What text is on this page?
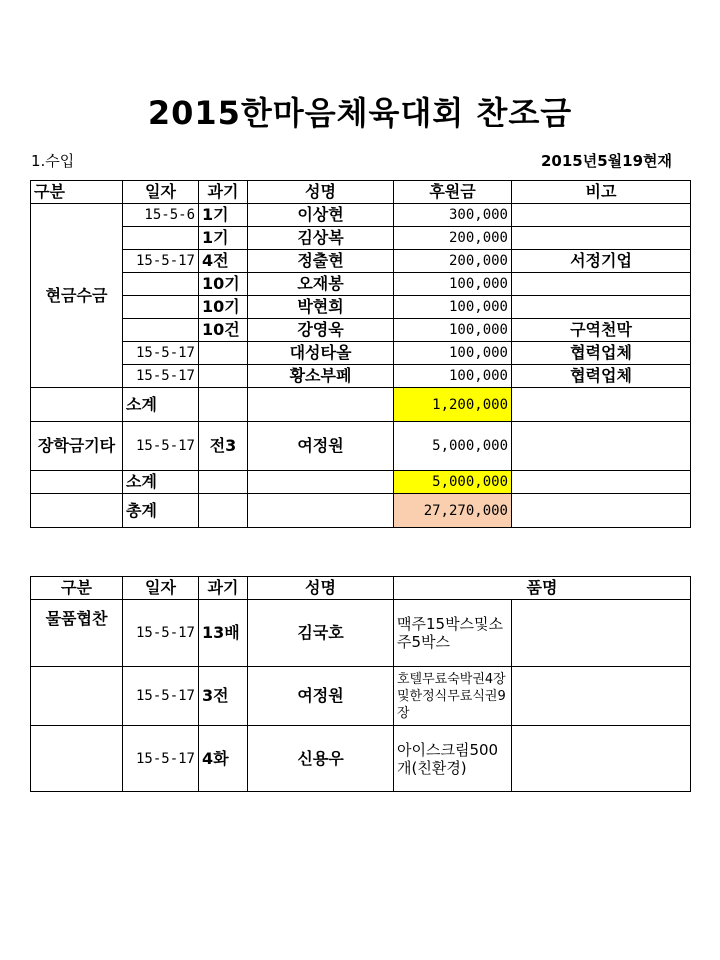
2015한마음체육대회 찬조금
1.수입	2015년5월19현재
구분	일자	과기	성명	후원금	비고
현금수금	15-5-6	1기	이상현	300,000	
		1기	김상복	200,000	
	15-5-17	4전	정출현	200,000	서정기업
		10기	오재봉	100,000	
		10기	박현희	100,000	
		10건	강영욱	100,000	구역천막
	15-5-17		대성타올	100,000	협력업체
	15-5-17		황소부페	100,000	협력업체
	소계			1,200,000	
장학금기타	15-5-17	전3	여정원	5,000,000	
	소계			5,000,000	
	총계			27,270,000	
구분	일자	과기	성명	품명	
물품협찬	15-5-17	13배	김국호	맥주15박스및소주5박스	
	15-5-17	3전	여정원	호텔무료숙박권4장및한정식무료식권9장	
	15-5-17	4화	신용우	아이스크림500개(친환경)	
